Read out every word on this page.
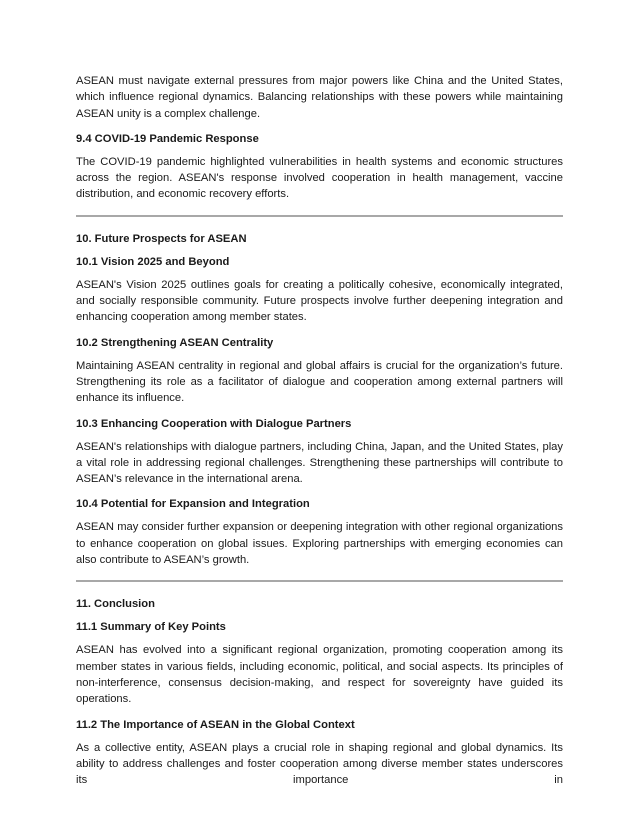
ASEAN must navigate external pressures from major powers like China and the United States, which influence regional dynamics. Balancing relationships with these powers while maintaining ASEAN unity is a complex challenge.

9.4 COVID-19 Pandemic Response

The COVID-19 pandemic highlighted vulnerabilities in health systems and economic structures across the region. ASEAN's response involved cooperation in health management, vaccine distribution, and economic recovery efforts.

10. Future Prospects for ASEAN
10.1 Vision 2025 and Beyond

ASEAN's Vision 2025 outlines goals for creating a politically cohesive, economically integrated, and socially responsible community. Future prospects involve further deepening integration and enhancing cooperation among member states.

10.2 Strengthening ASEAN Centrality

Maintaining ASEAN centrality in regional and global affairs is crucial for the organization’s future. Strengthening its role as a facilitator of dialogue and cooperation among external partners will enhance its influence.

10.3 Enhancing Cooperation with Dialogue Partners

ASEAN's relationships with dialogue partners, including China, Japan, and the United States, play a vital role in addressing regional challenges. Strengthening these partnerships will contribute to ASEAN’s relevance in the international arena.

10.4 Potential for Expansion and Integration

ASEAN may consider further expansion or deepening integration with other regional organizations to enhance cooperation on global issues. Exploring partnerships with emerging economies can also contribute to ASEAN’s growth.

11. Conclusion
11.1 Summary of Key Points

ASEAN has evolved into a significant regional organization, promoting cooperation among its member states in various fields, including economic, political, and social aspects. Its principles of non-interference, consensus decision-making, and respect for sovereignty have guided its operations.

11.2 The Importance of ASEAN in the Global Context

As a collective entity, ASEAN plays a crucial role in shaping regional and global dynamics. Its ability to address challenges and foster cooperation among diverse member states underscores its importance in
